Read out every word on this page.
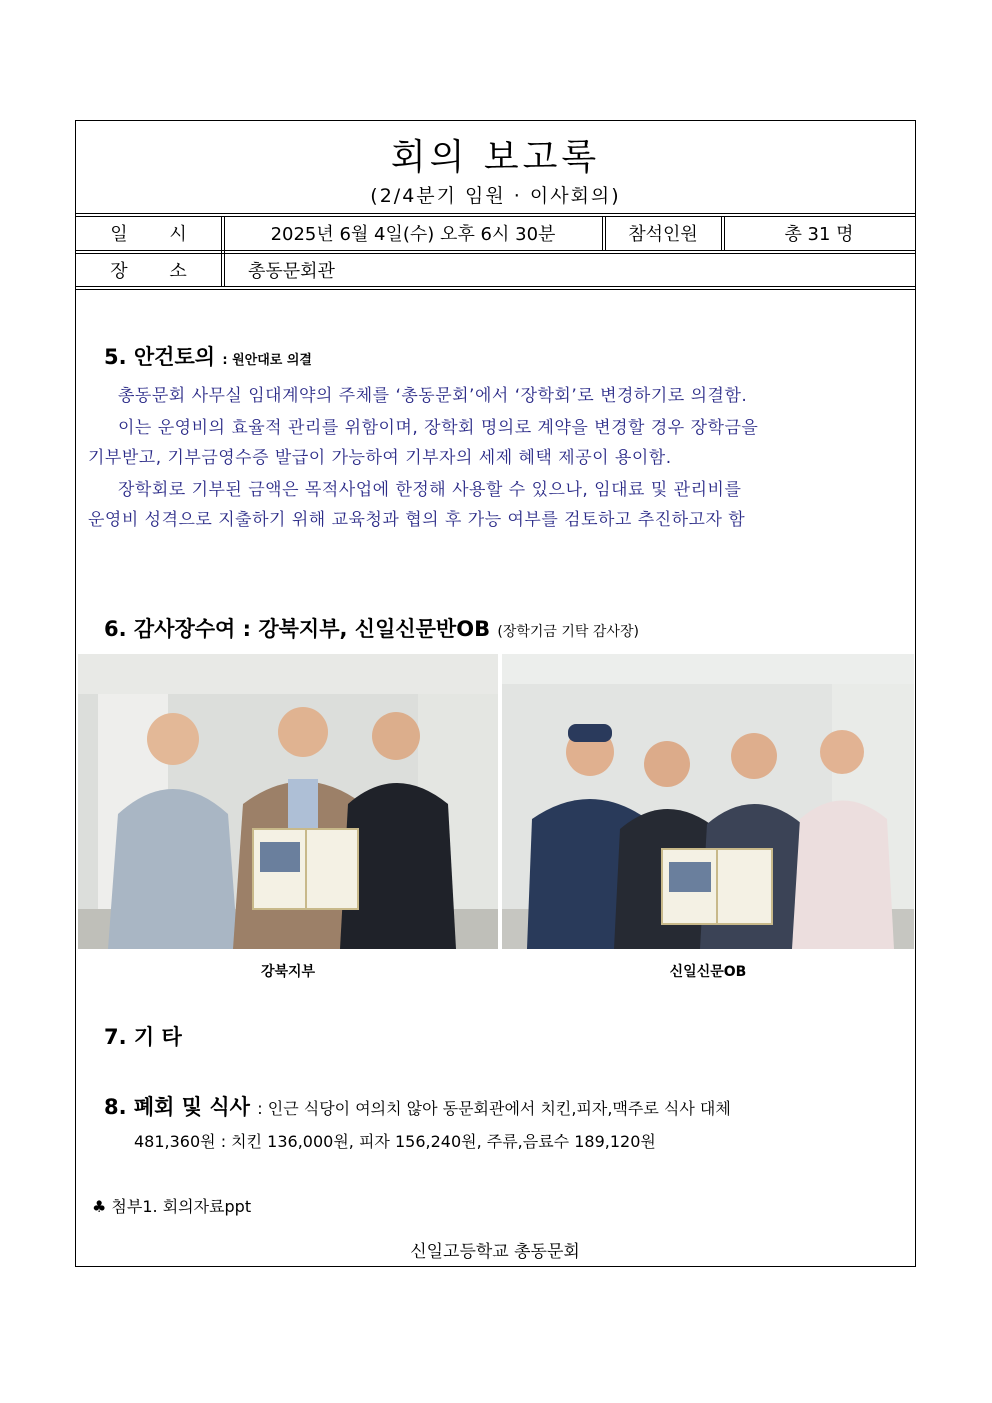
회의 보고록
(2/4분기 임원 · 이사회의)
일 시	2025년 6월 4일(수) 오후 6시 30분	참석인원	총 31 명
장 소	총동문회관
5. 안건토의 : 원안대로 의결

총동문회 사무실 임대계약의 주체를 ‘총동문회’에서 ‘장학회’로 변경하기로 의결함.

이는 운영비의 효율적 관리를 위함이며, 장학회 명의로 계약을 변경할 경우 장학금을

기부받고, 기부금영수증 발급이 가능하여 기부자의 세제 혜택 제공이 용이함.

장학회로 기부된 금액은 목적사업에 한정해 사용할 수 있으나, 임대료 및 관리비를

운영비 성격으로 지출하기 위해 교육청과 협의 후 가능 여부를 검토하고 추진하고자 함

6. 감사장수여 : 강북지부, 신일신문반OB (장학기금 기탁 감사장)
강북지부	신일신문OB
7. 기 타
8. 폐회 및 식사 : 인근 식당이 여의치 않아 동문회관에서 치킨,피자,맥주로 식사 대체
481,360원 : 치킨 136,000원, 피자 156,240원, 주류,음료수 189,120원
♣ 첨부1. 회의자료ppt
신일고등학교 총동문회
